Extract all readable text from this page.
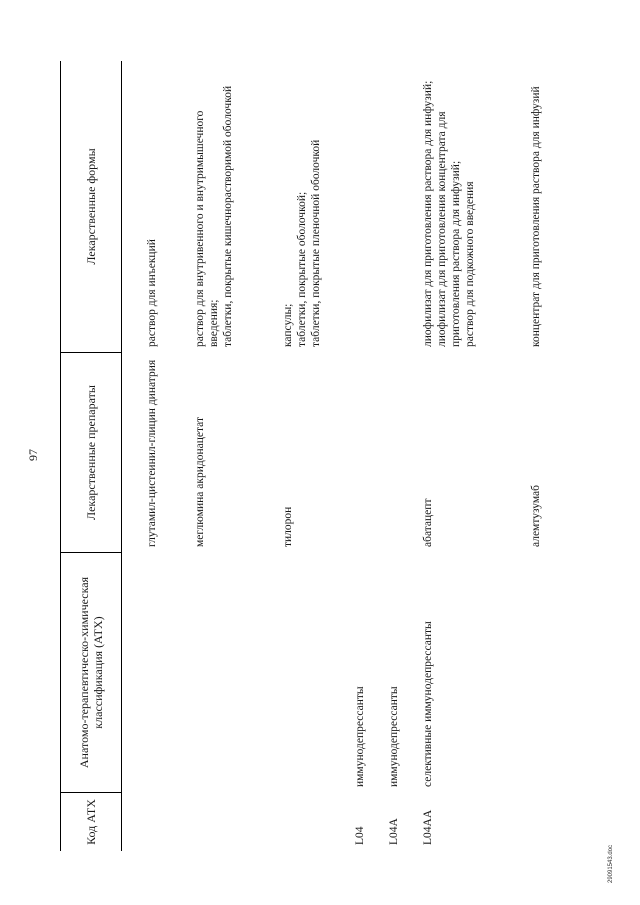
97
Код АТХ
Анатомо-терапевтическо-химическая классификация (АТХ)
Лекарственные препараты
Лекарственные формы
глутамил-цистеинил-глицин динатрия
раствор для инъекций
меглюмина акридонацетат
раствор для внутривенного и внутримышечного введения; таблетки, покрытые кишечнорастворимой оболочкой
тилорон
капсулы; таблетки, покрытые оболочкой; таблетки, покрытые пленочной оболочкой
L04
иммунодепрессанты
L04A
иммунодепрессанты
L04AA
селективные иммунодепрессанты
абатацепт
лиофилизат для приготовления раствора для инфузий; лиофилизат для приготовления концентрата для приготовления раствора для инфузий; раствор для подкожного введения
алемтузумаб
концентрат для приготовления раствора для инфузий
29091543.doc
